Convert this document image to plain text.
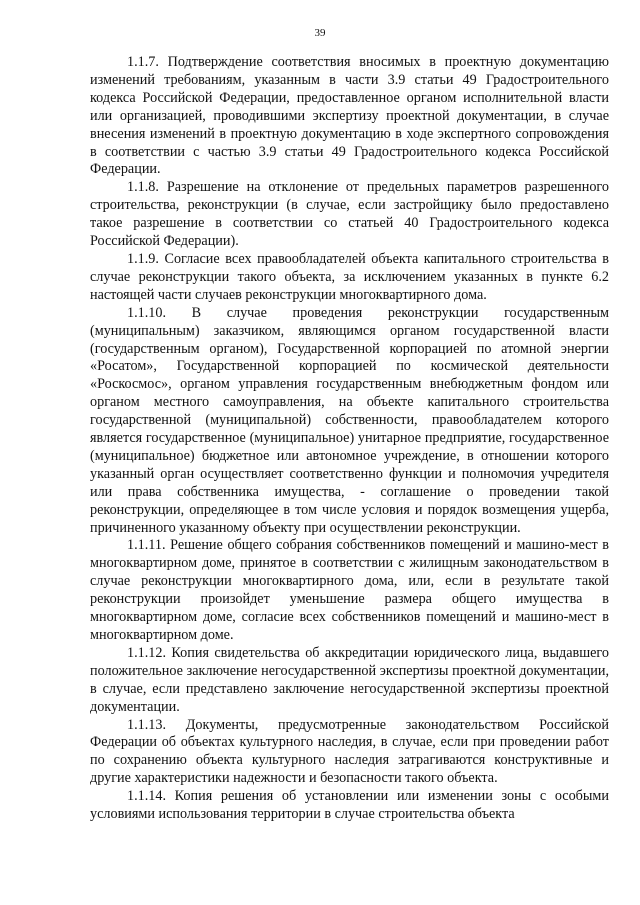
39

1.1.7. Подтверждение соответствия вносимых в проектную документацию изменений требованиям, указанным в части 3.9 статьи 49 Градостроительного кодекса Российской Федерации, предоставленное органом исполнительной власти или организацией, проводившими экспертизу проектной документации, в случае внесения изменений в проектную документацию в ходе экспертного сопровождения в соответствии с частью 3.9 статьи 49 Градостроительного кодекса Российской Федерации.

1.1.8. Разрешение на отклонение от предельных параметров разрешенного строительства, реконструкции (в случае, если застройщику было предоставлено такое разрешение в соответствии со статьей 40 Градостроительного кодекса Российской Федерации).

1.1.9. Согласие всех правообладателей объекта капитального строительства в случае реконструкции такого объекта, за исключением указанных в пункте 6.2 настоящей части случаев реконструкции многоквартирного дома.

1.1.10. В случае проведения реконструкции государственным (муниципальным) заказчиком, являющимся органом государственной власти (государственным органом), Государственной корпорацией по атомной энергии «Росатом», Государственной корпорацией по космической деятельности «Роскосмос», органом управления государственным внебюджетным фондом или органом местного самоуправления, на объекте капитального строительства государственной (муниципальной) собственности, правообладателем которого является государственное (муниципальное) унитарное предприятие, государственное (муниципальное) бюджетное или автономное учреждение, в отношении которого указанный орган осуществляет соответственно функции и полномочия учредителя или права собственника имущества, - соглашение о проведении такой реконструкции, определяющее в том числе условия и порядок возмещения ущерба, причиненного указанному объекту при осуществлении реконструкции.

1.1.11. Решение общего собрания собственников помещений и машино-мест в многоквартирном доме, принятое в соответствии с жилищным законодательством в случае реконструкции многоквартирного дома, или, если в результате такой реконструкции произойдет уменьшение размера общего имущества в многоквартирном доме, согласие всех собственников помещений и машино-мест в многоквартирном доме.

1.1.12. Копия свидетельства об аккредитации юридического лица, выдавшего положительное заключение негосударственной экспертизы проектной документации, в случае, если представлено заключение негосударственной экспертизы проектной документации.

1.1.13. Документы, предусмотренные законодательством Российской Федерации об объектах культурного наследия, в случае, если при проведении работ по сохранению объекта культурного наследия затрагиваются конструктивные и другие характеристики надежности и безопасности такого объекта.

1.1.14. Копия решения об установлении или изменении зоны с особыми условиями использования территории в случае строительства объекта
